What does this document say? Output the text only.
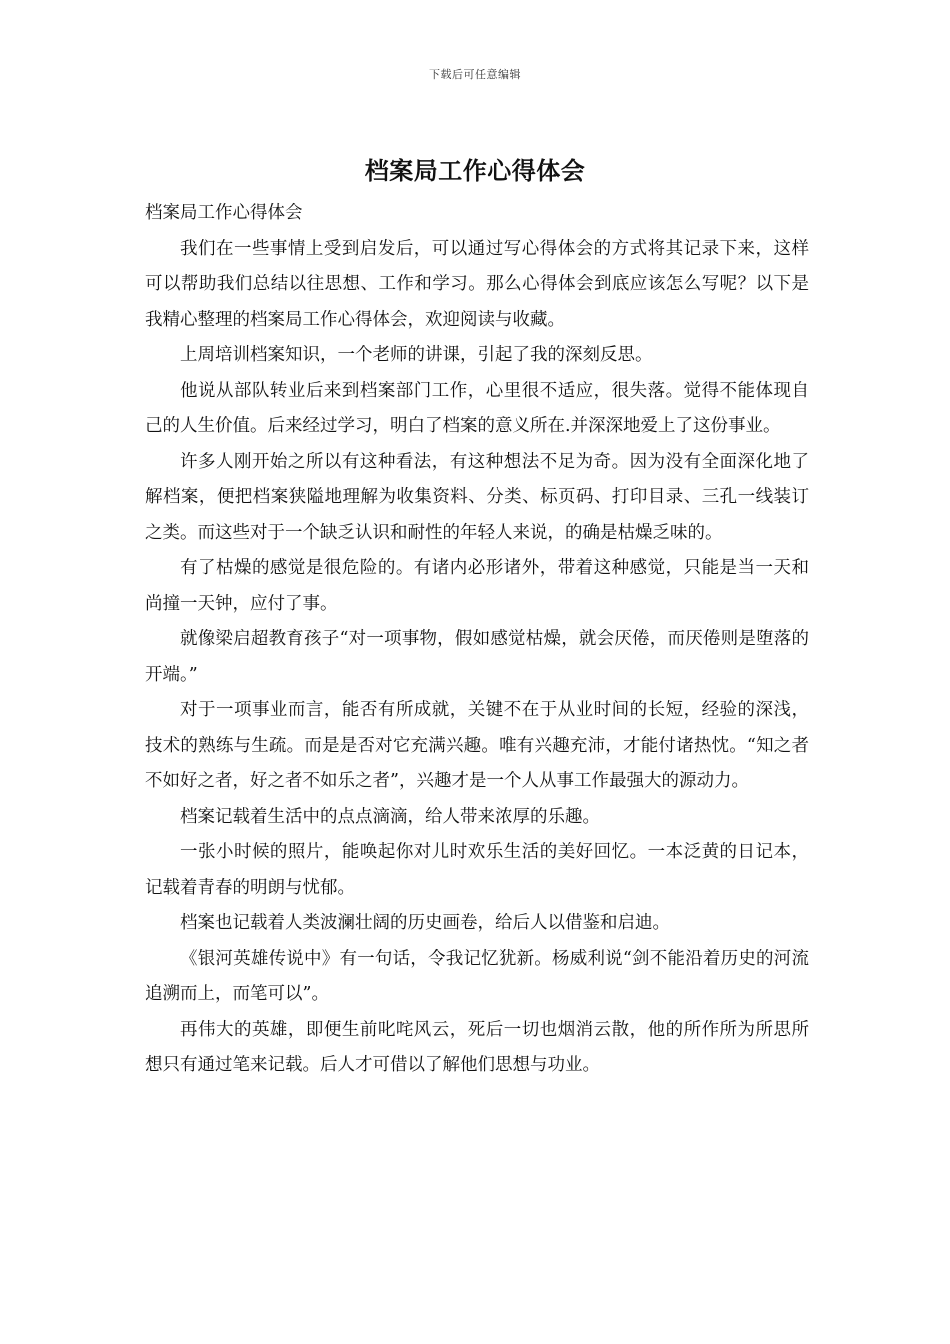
下载后可任意编辑
档案局工作心得体会

档案局工作心得体会

我们在一些事情上受到启发后，可以通过写心得体会的方式将其记录下来，这样可以帮助我们总结以往思想、工作和学习。那么心得体会到底应该怎么写呢？以下是我精心整理的档案局工作心得体会，欢迎阅读与收藏。

上周培训档案知识，一个老师的讲课，引起了我的深刻反思。

他说从部队转业后来到档案部门工作，心里很不适应，很失落。觉得不能体现自己的人生价值。后来经过学习，明白了档案的意义所在.并深深地爱上了这份事业。

许多人刚开始之所以有这种看法，有这种想法不足为奇。因为没有全面深化地了解档案，便把档案狭隘地理解为收集资料、分类、标页码、打印目录、三孔一线装订之类。而这些对于一个缺乏认识和耐性的年轻人来说，的确是枯燥乏味的。

有了枯燥的感觉是很危险的。有诸内必形诸外，带着这种感觉，只能是当一天和尚撞一天钟，应付了事。

就像梁启超教育孩子“对一项事物，假如感觉枯燥，就会厌倦，而厌倦则是堕落的开端。”

对于一项事业而言，能否有所成就，关键不在于从业时间的长短，经验的深浅，技术的熟练与生疏。而是是否对它充满兴趣。唯有兴趣充沛，才能付诸热忱。“知之者不如好之者，好之者不如乐之者”，兴趣才是一个人从事工作最强大的源动力。

档案记载着生活中的点点滴滴，给人带来浓厚的乐趣。

一张小时候的照片，能唤起你对儿时欢乐生活的美好回忆。一本泛黄的日记本，记载着青春的明朗与忧郁。

档案也记载着人类波澜壮阔的历史画卷，给后人以借鉴和启迪。

《银河英雄传说中》有一句话，令我记忆犹新。杨威利说“剑不能沿着历史的河流追溯而上，而笔可以”。

再伟大的英雄，即便生前叱咤风云，死后一切也烟消云散，他的所作所为所思所想只有通过笔来记载。后人才可借以了解他们思想与功业。
